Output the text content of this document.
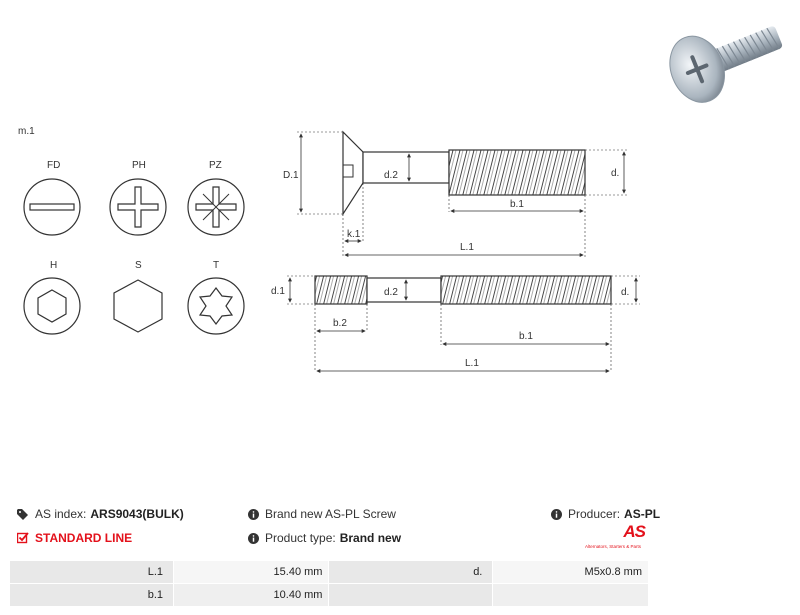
m.1
FD	PH	PZ
H	S	T
D.1	d.2	d.
b.1
k.1
L.1
d.1	d.2	d.
b.2
b.1
L.1
AS index: ARS9043(BULK)
STANDARD LINE
Brand new AS-PL Screw
Product type: Brand new
Producer: AS-PL
AS
Alternators, Starters & Parts
L.1	15.40 mm	d.	M5x0.8 mm
b.1	10.40 mm		
